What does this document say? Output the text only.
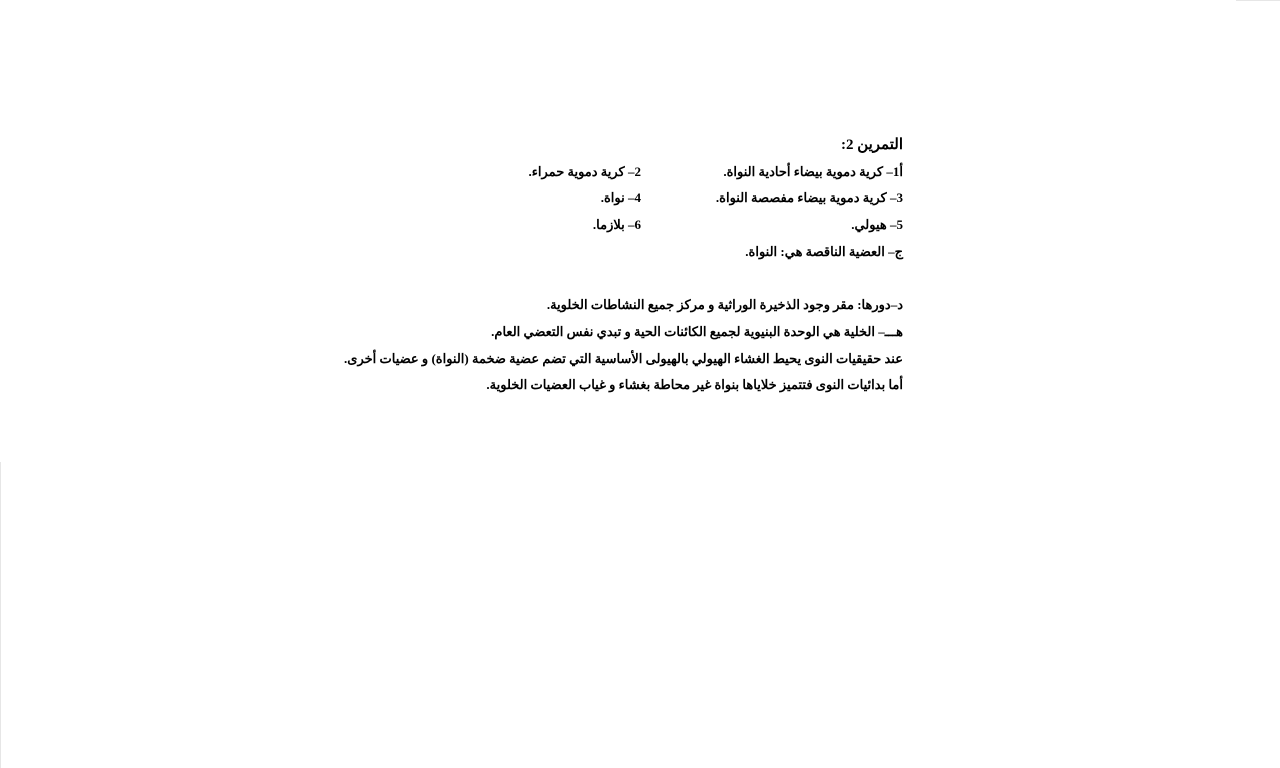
التمرين 2:
أ1– كرية دموية بيضاء أحادية النواة.
2– كرية دموية حمراء.
3– كرية دموية بيضاء مفصصة النواة.
4– نواة.
5– هيولي.
6– بلازما.
ج– العضية الناقصة هي: النواة.
د–دورها: مقر وجود الذخيرة الوراثية و مركز جميع النشاطات الخلوية.
هـــ– الخلية هي الوحدة البنيوية لجميع الكائنات الحية و تبدي نفس التعضي العام.
عند حقيقيات النوى يحيط الغشاء الهيولي بالهيولى الأساسية التي تضم عضية ضخمة (النواة) و عضيات أخرى.
أما بدائيات النوى فتتميز خلاياها بنواة غير محاطة بغشاء و غياب العضيات الخلوية.
